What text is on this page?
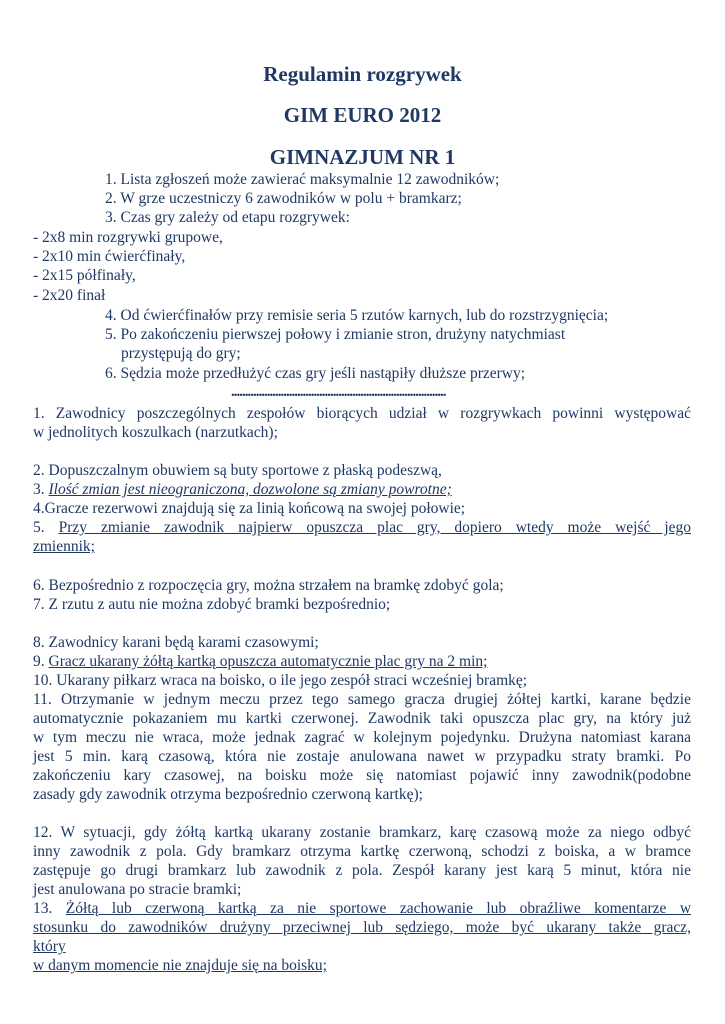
Regulamin rozgrywek
GIM EURO 2012
GIMNAZJUM NR 1

1. Lista zgłoszeń może zawierać maksymalnie 12 zawodników;

2. W grze uczestniczy 6 zawodników w polu + bramkarz;

3. Czas gry zależy od etapu rozgrywek:

- 2x8 min rozgrywki grupowe,

- 2x10 min ćwierćfinały,

- 2x15 półfinały,

- 2x20 finał

4. Od ćwierćfinałów przy remisie seria 5 rzutów karnych, lub do rozstrzygnięcia;

5. Po zakończeniu pierwszej połowy i zmianie stron, drużyny natychmiast

przystępują do gry;

6. Sędzia może przedłużyć czas gry jeśli nastąpiły dłuższe przerwy;

..............................................................................

1. Zawodnicy poszczególnych zespołów biorących udział w rozgrywkach powinni występować

w jednolitych koszulkach (narzutkach);

2. Dopuszczalnym obuwiem są buty sportowe z płaską podeszwą,

3. Ilość zmian jest nieograniczona, dozwolone są zmiany powrotne;

4.Gracze rezerwowi znajdują się za linią końcową na swojej połowie;

5. Przy zmianie zawodnik najpierw opuszcza plac gry, dopiero wtedy może wejść jego

zmiennik;

6. Bezpośrednio z rozpoczęcia gry, można strzałem na bramkę zdobyć gola;

7. Z rzutu z autu nie można zdobyć bramki bezpośrednio;

8. Zawodnicy karani będą karami czasowymi;

9. Gracz ukarany żółtą kartką opuszcza automatycznie plac gry na 2 min;

10. Ukarany piłkarz wraca na boisko, o ile jego zespół straci wcześniej bramkę;

11. Otrzymanie w jednym meczu przez tego samego gracza drugiej żółtej kartki, karane będzie

automatycznie pokazaniem mu kartki czerwonej. Zawodnik taki opuszcza plac gry, na który już

w tym meczu nie wraca, może jednak zagrać w kolejnym pojedynku. Drużyna natomiast karana

jest 5 min. karą czasową, która nie zostaje anulowana nawet w przypadku straty bramki. Po

zakończeniu kary czasowej, na boisku może się natomiast pojawić inny zawodnik(podobne

zasady gdy zawodnik otrzyma bezpośrednio czerwoną kartkę);

12. W sytuacji, gdy żółtą kartką ukarany zostanie bramkarz, karę czasową może za niego odbyć

inny zawodnik z pola. Gdy bramkarz otrzyma kartkę czerwoną, schodzi z boiska, a w bramce

zastępuje go drugi bramkarz lub zawodnik z pola. Zespół karany jest karą 5 minut, która nie

jest anulowana po stracie bramki;

13. Żółtą lub czerwoną kartką za nie sportowe zachowanie lub obraźliwe komentarze w

stosunku do zawodników drużyny przeciwnej lub sędziego, może być ukarany także gracz,

który

w danym momencie nie znajduje się na boisku;
